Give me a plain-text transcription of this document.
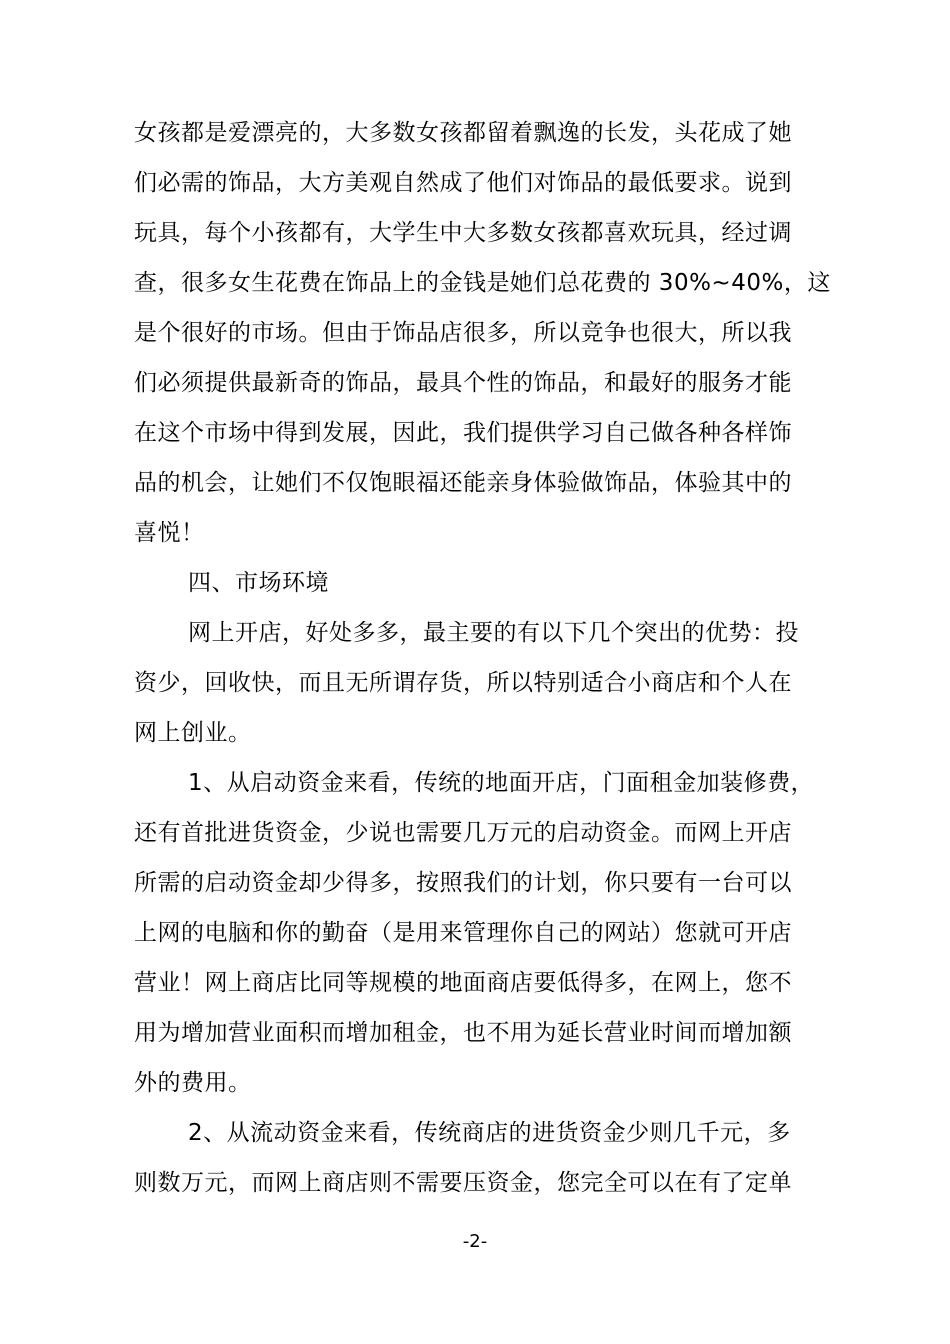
女孩都是爱漂亮的，大多数女孩都留着飘逸的长发，头花成了她
们必需的饰品，大方美观自然成了他们对饰品的最低要求。说到
玩具，每个小孩都有，大学生中大多数女孩都喜欢玩具，经过调
查，很多女生花费在饰品上的金钱是她们总花费的 30%~40%，这
是个很好的市场。但由于饰品店很多，所以竞争也很大，所以我
们必须提供最新奇的饰品，最具个性的饰品，和最好的服务才能
在这个市场中得到发展，因此，我们提供学习自己做各种各样饰
品的机会，让她们不仅饱眼福还能亲身体验做饰品，体验其中的
喜悦！
四、市场环境
网上开店，好处多多，最主要的有以下几个突出的优势：投
资少，回收快，而且无所谓存货，所以特别适合小商店和个人在
网上创业。
1、从启动资金来看，传统的地面开店，门面租金加装修费，
还有首批进货资金，少说也需要几万元的启动资金。而网上开店
所需的启动资金却少得多，按照我们的计划，你只要有一台可以
上网的电脑和你的勤奋（是用来管理你自己的网站）您就可开店
营业！网上商店比同等规模的地面商店要低得多，在网上，您不
用为增加营业面积而增加租金，也不用为延长营业时间而增加额
外的费用。
2、从流动资金来看，传统商店的进货资金少则几千元，多
则数万元，而网上商店则不需要压资金，您完全可以在有了定单
-2-
